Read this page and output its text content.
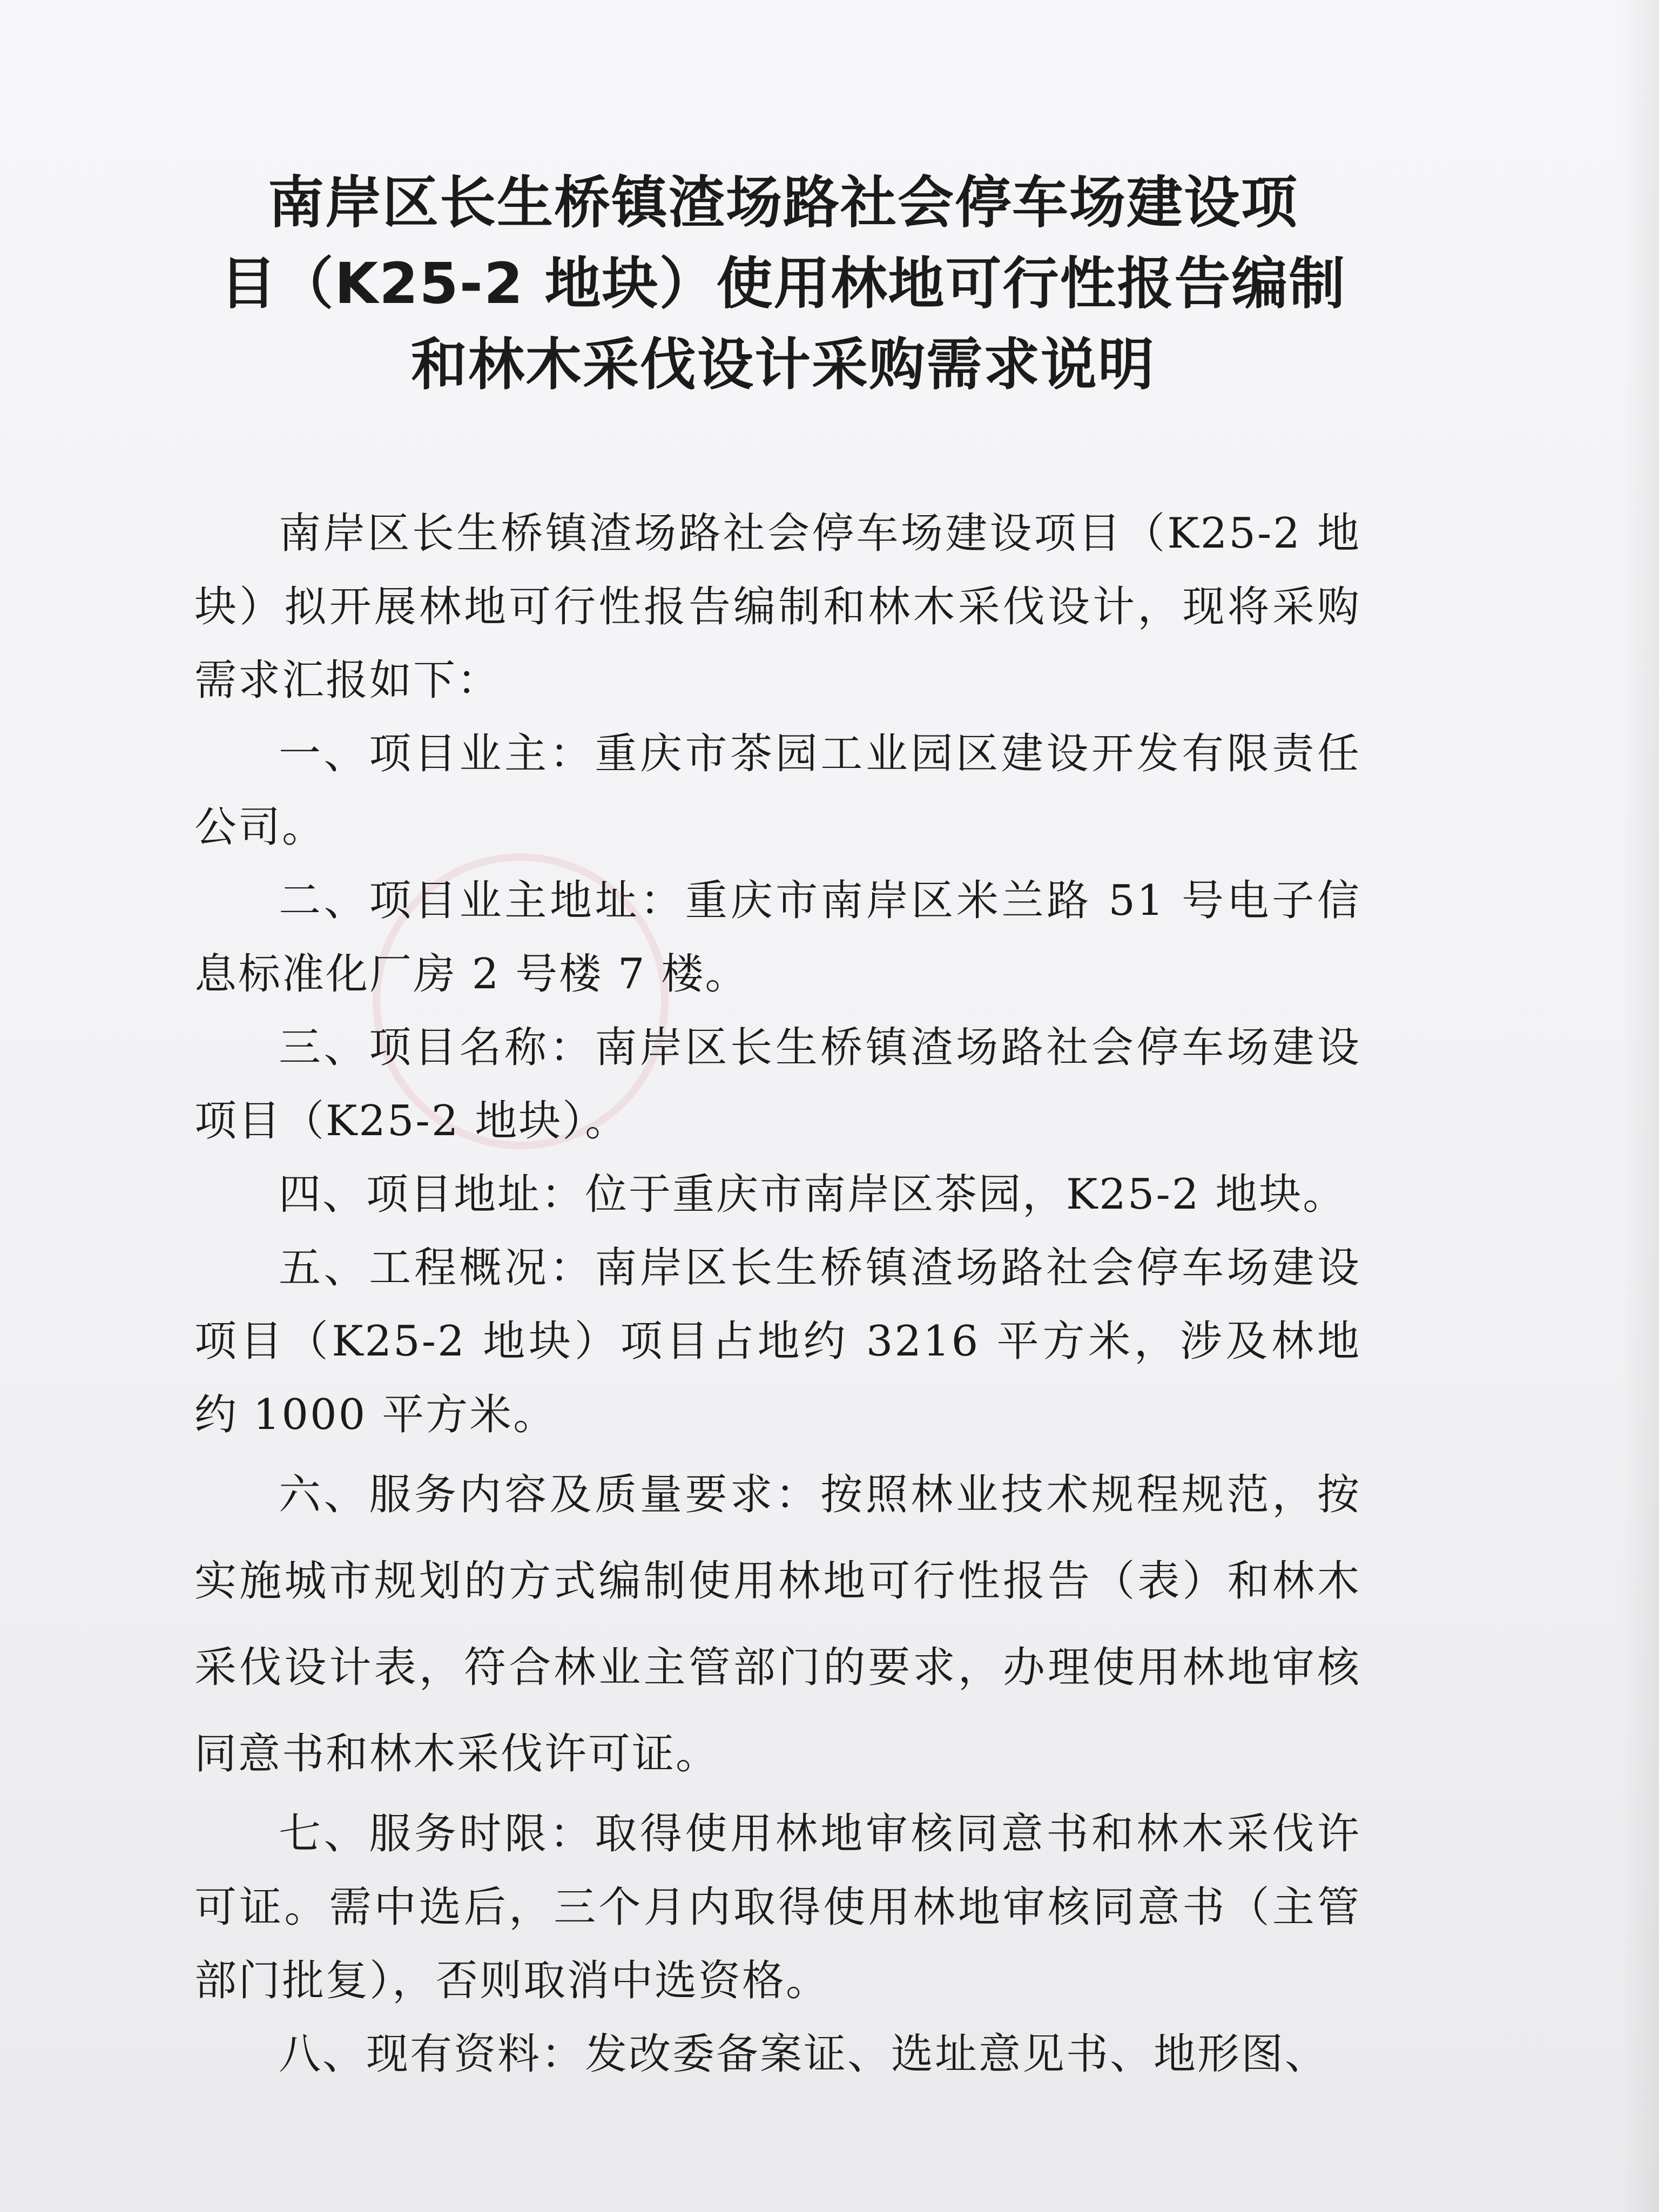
南岸区长生桥镇渣场路社会停车场建设项
目（K25-2 地块）使用林地可行性报告编制
和林木采伐设计采购需求说明

南岸区长生桥镇渣场路社会停车场建设项目（K25-2 地块）拟开展林地可行性报告编制和林木采伐设计，现将采购需求汇报如下：

一、项目业主：重庆市茶园工业园区建设开发有限责任公司。

二、项目业主地址：重庆市南岸区米兰路 51 号电子信息标准化厂房 2 号楼 7 楼。

三、项目名称：南岸区长生桥镇渣场路社会停车场建设项目（K25-2 地块）。

四、项目地址：位于重庆市南岸区茶园，K25-2 地块。

五、工程概况：南岸区长生桥镇渣场路社会停车场建设项目（K25-2 地块）项目占地约 3216 平方米，涉及林地约 1000 平方米。

六、服务内容及质量要求：按照林业技术规程规范，按实施城市规划的方式编制使用林地可行性报告（表）和林木采伐设计表，符合林业主管部门的要求，办理使用林地审核同意书和林木采伐许可证。

七、服务时限：取得使用林地审核同意书和林木采伐许可证。需中选后，三个月内取得使用林地审核同意书（主管部门批复），否则取消中选资格。

八、现有资料：发改委备案证、选址意见书、地形图、
